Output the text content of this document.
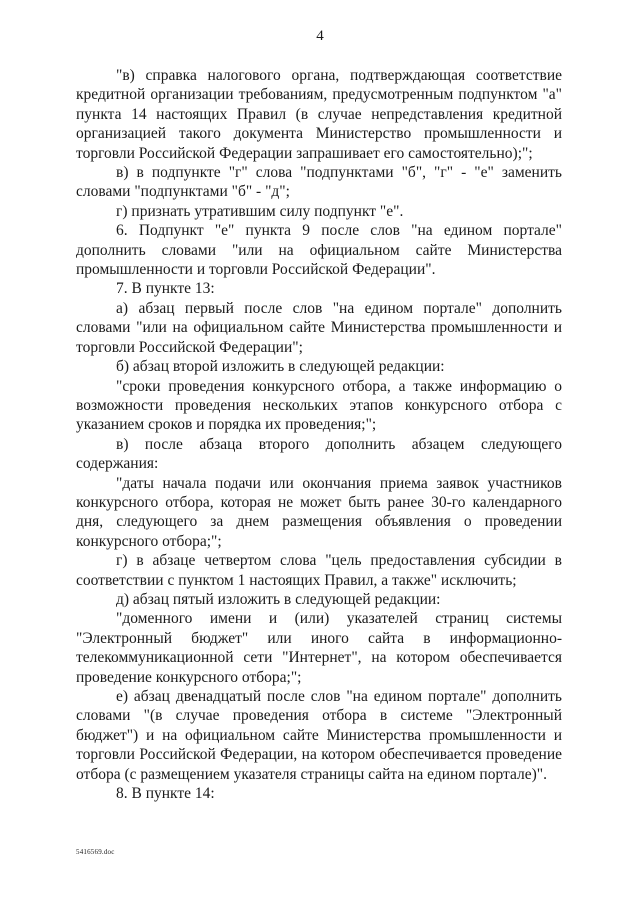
4

"в) справка налогового органа, подтверждающая соответствие кредитной организации требованиям, предусмотренным подпунктом "а" пункта 14 настоящих Правил (в случае непредставления кредитной организацией такого документа Министерство промышленности и торговли Российской Федерации запрашивает его самостоятельно);";

в) в подпункте "г" слова "подпунктами "б", "г" - "е" заменить словами "подпунктами "б" - "д";

г) признать утратившим силу подпункт "е".

6. Подпункт "е" пункта 9 после слов "на едином портале" дополнить словами "или на официальном сайте Министерства промышленности и торговли Российской Федерации".

7. В пункте 13:

а) абзац первый после слов "на едином портале" дополнить словами "или на официальном сайте Министерства промышленности и торговли Российской Федерации";

б) абзац второй изложить в следующей редакции:

"сроки проведения конкурсного отбора, а также информацию о возможности проведения нескольких этапов конкурсного отбора с указанием сроков и порядка их проведения;";

в) после абзаца второго дополнить абзацем следующего содержания:

"даты начала подачи или окончания приема заявок участников конкурсного отбора, которая не может быть ранее 30-го календарного дня, следующего за днем размещения объявления о проведении конкурсного отбора;";

г) в абзаце четвертом слова "цель предоставления субсидии в соответствии с пунктом 1 настоящих Правил, а также" исключить;

д) абзац пятый изложить в следующей редакции:

"доменного имени и (или) указателей страниц системы "Электронный бюджет" или иного сайта в информационно-телекоммуникационной сети "Интернет", на котором обеспечивается проведение конкурсного отбора;";

е) абзац двенадцатый после слов "на едином портале" дополнить словами "(в случае проведения отбора в системе "Электронный бюджет") и на официальном сайте Министерства промышленности и торговли Российской Федерации, на котором обеспечивается проведение отбора (с размещением указателя страницы сайта на едином портале)".

8. В пункте 14:

5416569.doc
